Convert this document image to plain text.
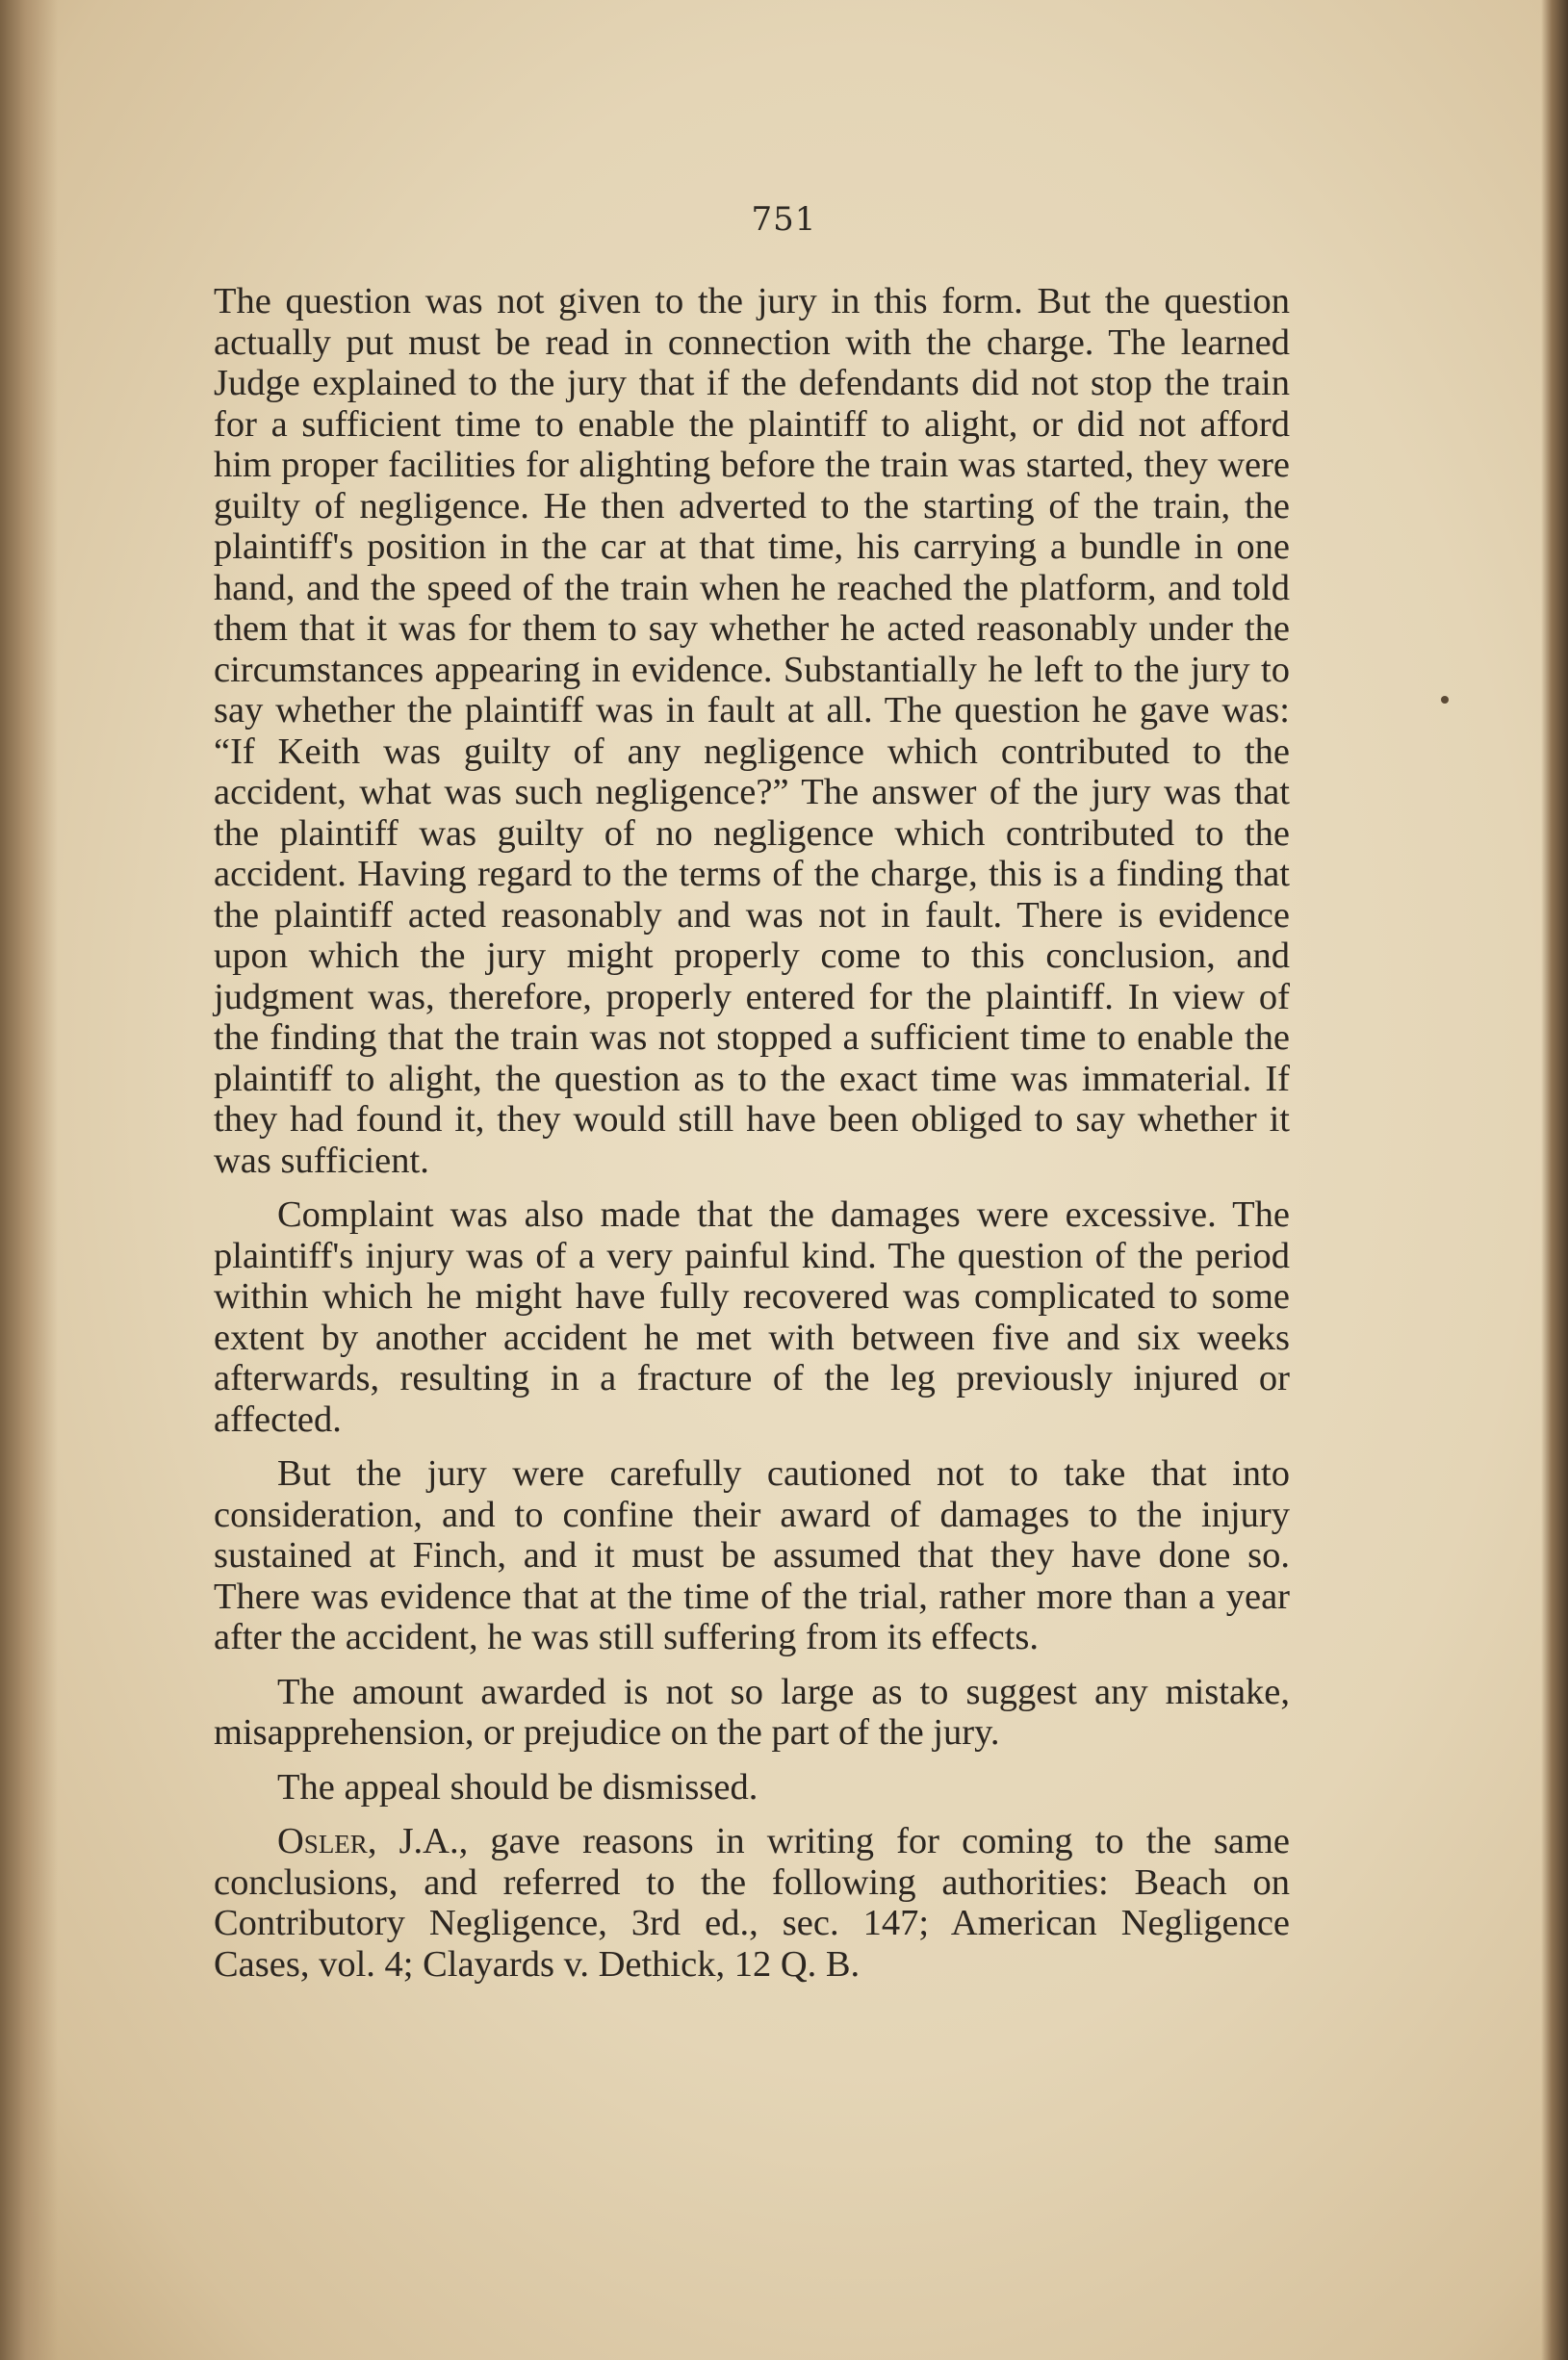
751

The question was not given to the jury in this form. But the question actually put must be read in connection with the charge. The learned Judge explained to the jury that if the defendants did not stop the train for a sufficient time to enable the plaintiff to alight, or did not afford him proper facilities for alighting before the train was started, they were guilty of negligence. He then adverted to the starting of the train, the plaintiff's position in the car at that time, his carrying a bundle in one hand, and the speed of the train when he reached the platform, and told them that it was for them to say whether he acted reasonably under the circumstances appearing in evidence. Substantially he left to the jury to say whether the plaintiff was in fault at all. The question he gave was: “If Keith was guilty of any negligence which contributed to the accident, what was such negligence?” The answer of the jury was that the plaintiff was guilty of no negligence which contributed to the accident. Having regard to the terms of the charge, this is a finding that the plaintiff acted reasonably and was not in fault. There is evidence upon which the jury might properly come to this conclusion, and judgment was, therefore, properly entered for the plaintiff. In view of the finding that the train was not stopped a sufficient time to enable the plaintiff to alight, the question as to the exact time was immaterial. If they had found it, they would still have been obliged to say whether it was sufficient.

Complaint was also made that the damages were excessive. The plaintiff's injury was of a very painful kind. The question of the period within which he might have fully recovered was complicated to some extent by another accident he met with between five and six weeks afterwards, resulting in a fracture of the leg previously injured or affected.

But the jury were carefully cautioned not to take that into consideration, and to confine their award of damages to the injury sustained at Finch, and it must be assumed that they have done so. There was evidence that at the time of the trial, rather more than a year after the accident, he was still suffering from its effects.

The amount awarded is not so large as to suggest any mistake, misapprehension, or prejudice on the part of the jury.

The appeal should be dismissed.

Osler, J.A., gave reasons in writing for coming to the same conclusions, and referred to the following authorities: Beach on Contributory Negligence, 3rd ed., sec. 147; American Negligence Cases, vol. 4; Clayards v. Dethick, 12 Q. B.
